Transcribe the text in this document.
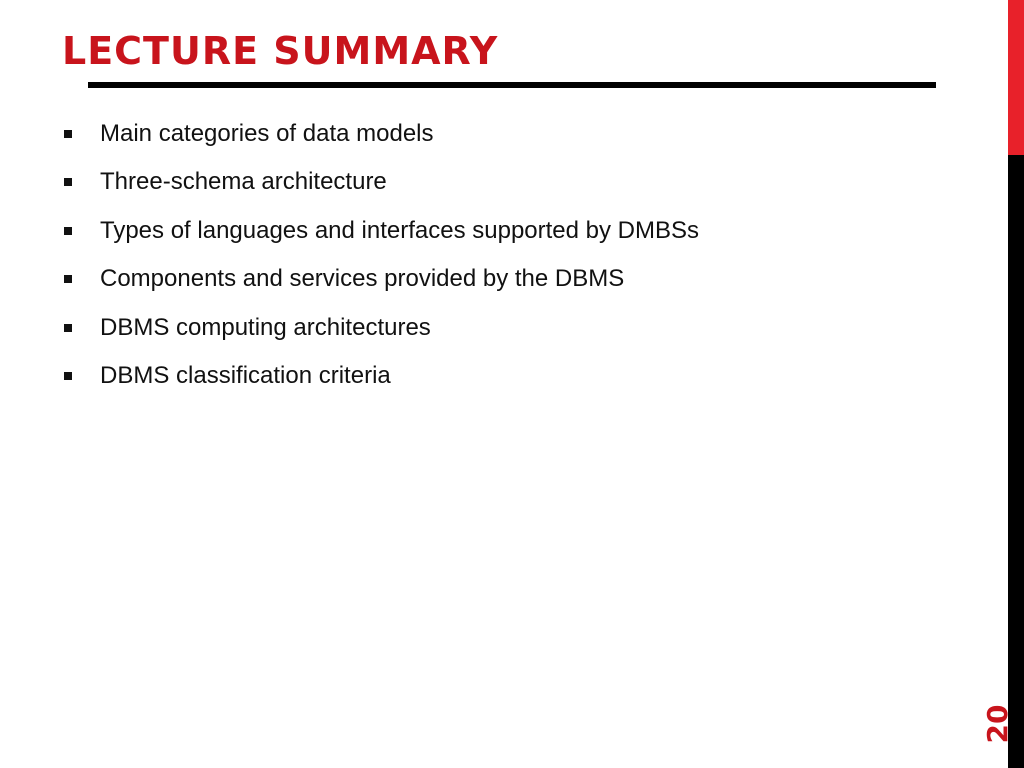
LECTURE SUMMARY
Main categories of data models
Three-schema architecture
Types of languages and interfaces supported by DMBSs
Components and services provided by the DBMS
DBMS computing architectures
DBMS classification criteria
20
